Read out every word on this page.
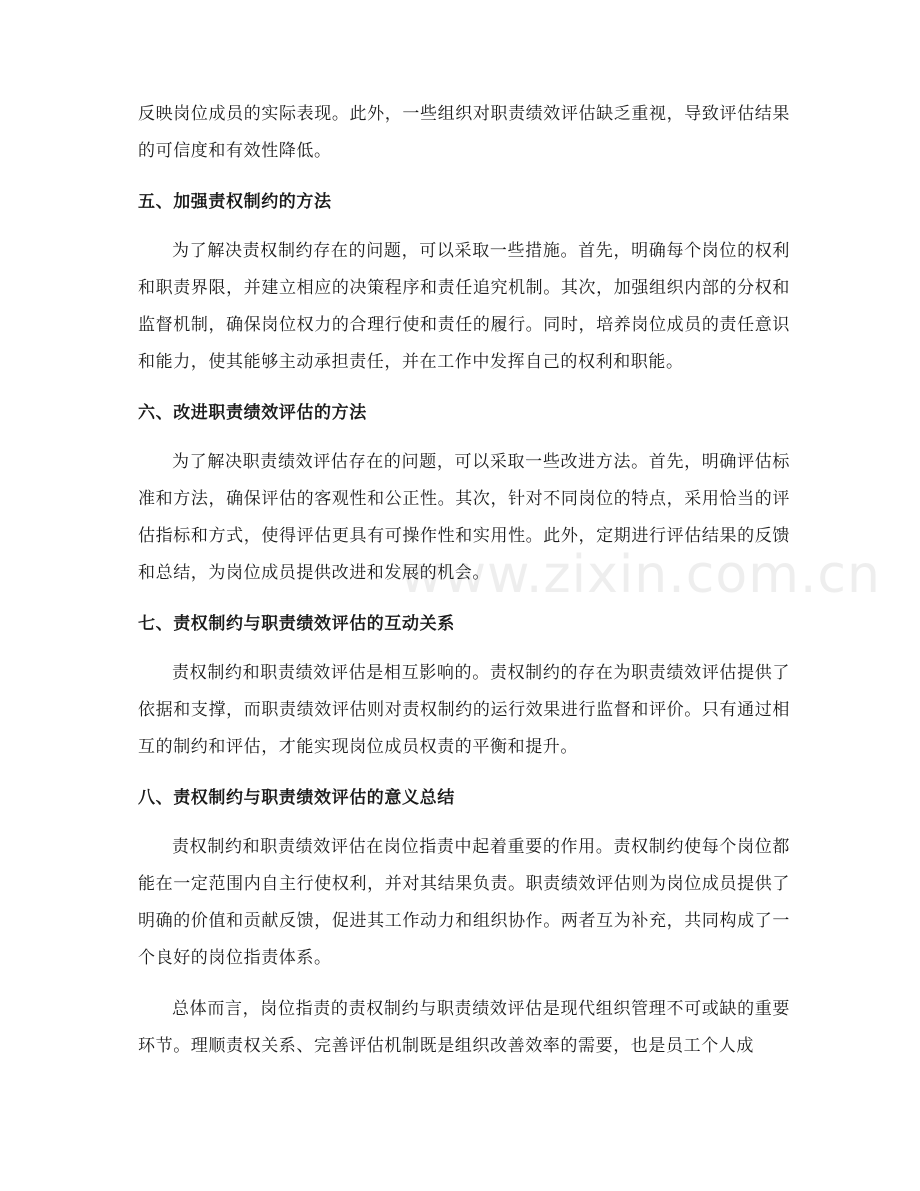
www.zixin.com.cn

反映岗位成员的实际表现。此外，一些组织对职责绩效评估缺乏重视，导致评估结果的可信度和有效性降低。

五、加强责权制约的方法

为了解决责权制约存在的问题，可以采取一些措施。首先，明确每个岗位的权利和职责界限，并建立相应的决策程序和责任追究机制。其次，加强组织内部的分权和监督机制，确保岗位权力的合理行使和责任的履行。同时，培养岗位成员的责任意识和能力，使其能够主动承担责任，并在工作中发挥自己的权利和职能。

六、改进职责绩效评估的方法

为了解决职责绩效评估存在的问题，可以采取一些改进方法。首先，明确评估标准和方法，确保评估的客观性和公正性。其次，针对不同岗位的特点，采用恰当的评估指标和方式，使得评估更具有可操作性和实用性。此外，定期进行评估结果的反馈和总结，为岗位成员提供改进和发展的机会。

七、责权制约与职责绩效评估的互动关系

责权制约和职责绩效评估是相互影响的。责权制约的存在为职责绩效评估提供了依据和支撑，而职责绩效评估则对责权制约的运行效果进行监督和评价。只有通过相互的制约和评估，才能实现岗位成员权责的平衡和提升。

八、责权制约与职责绩效评估的意义总结

责权制约和职责绩效评估在岗位指责中起着重要的作用。责权制约使每个岗位都能在一定范围内自主行使权利，并对其结果负责。职责绩效评估则为岗位成员提供了明确的价值和贡献反馈，促进其工作动力和组织协作。两者互为补充，共同构成了一个良好的岗位指责体系。

总体而言，岗位指责的责权制约与职责绩效评估是现代组织管理不可或缺的重要环节。理顺责权关系、完善评估机制既是组织改善效率的需要，也是员工个人成
